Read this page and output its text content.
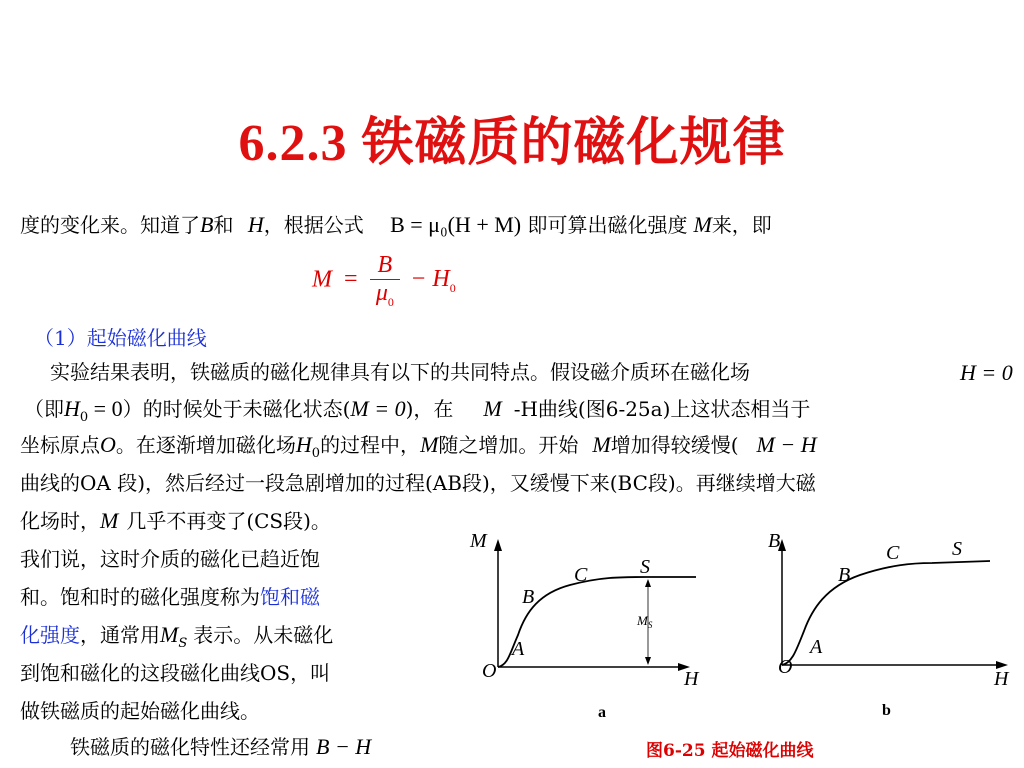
6.2.3 铁磁质的磁化规律
度的变化来。知道了B和 H，根据公式 B = μ₀(H + M) 即可算出磁化强度 M来，即
$M = \frac{B}{\mu_0} - H_0$
（1）起始磁化曲线
实验结果表明，铁磁质的磁化规律具有以下的共同特点。假设磁介质环在磁化场	H = 0
（即$H_0 = 0$）的时候处于未磁化状态(M = 0)，在 M -H曲线(图6-25a)上这状态相当于
坐标原点O。在逐渐增加磁化场$H_0$的过程中，M随之增加。开始 M增加得较缓慢( M − H
曲线的OA 段)，然后经过一段急剧增加的过程(AB段)，又缓慢下来(BC段)。再继续增大磁
化场时，M 几乎不再变了(CS段)。
我们说，这时介质的磁化已趋近饱
和。饱和时的磁化强度称为饱和磁
化强度，通常用$M_S$ 表示。从未磁化
到饱和磁化的这段磁化曲线OS，叫
做铁磁质的起始磁化曲线。
铁磁质的磁化特性还经常用 B − H
M
H
O
A
B
C	S
$M_S$
a
B
H
O
A
B
C	S
b
图6-25 起始磁化曲线
